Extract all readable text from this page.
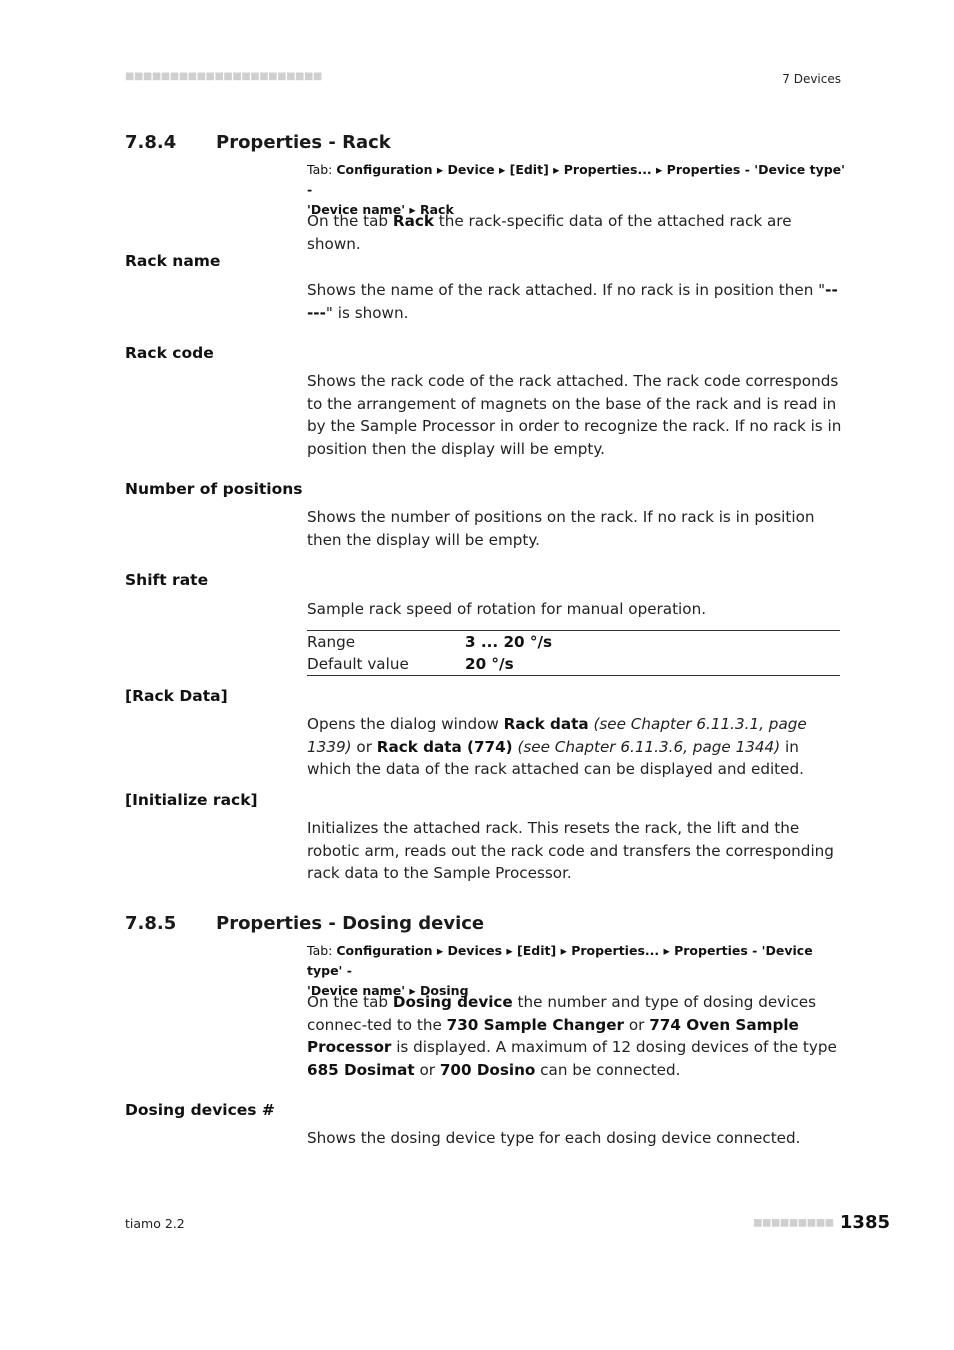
■■■■■■■■■■■■■■■■■■■■■■	7 Devices
7.8.4 Properties - Rack
Tab: Configuration ▸ Device ▸ [Edit] ▸ Properties... ▸ Properties - 'Device type' -
'Device name' ▸ Rack
On the tab Rack the rack-specific data of the attached rack are shown.
Rack name
Shows the name of the rack attached. If no rack is in position then "-----" is shown.
Rack code
Shows the rack code of the rack attached. The rack code corresponds to the arrangement of magnets on the base of the rack and is read in by the Sample Processor in order to recognize the rack. If no rack is in position then the display will be empty.
Number of positions
Shows the number of positions on the rack. If no rack is in position then the display will be empty.
Shift rate
Sample rack speed of rotation for manual operation.
Range	3 ... 20 °/s
Default value	20 °/s
[Rack Data]
Opens the dialog window Rack data (see Chapter 6.11.3.1, page 1339) or Rack data (774) (see Chapter 6.11.3.6, page 1344) in which the data of the rack attached can be displayed and edited.
[Initialize rack]
Initializes the attached rack. This resets the rack, the lift and the robotic arm, reads out the rack code and transfers the corresponding rack data to the Sample Processor.
7.8.5 Properties - Dosing device
Tab: Configuration ▸ Devices ▸ [Edit] ▸ Properties... ▸ Properties - 'Device type' -
'Device name' ▸ Dosing
On the tab Dosing device the number and type of dosing devices connec-ted to the 730 Sample Changer or 774 Oven Sample Processor is displayed. A maximum of 12 dosing devices of the type 685 Dosimat or 700 Dosino can be connected.
Dosing devices #
Shows the dosing device type for each dosing device connected.
tiamo 2.2	■■■■■■■■■ 1385
